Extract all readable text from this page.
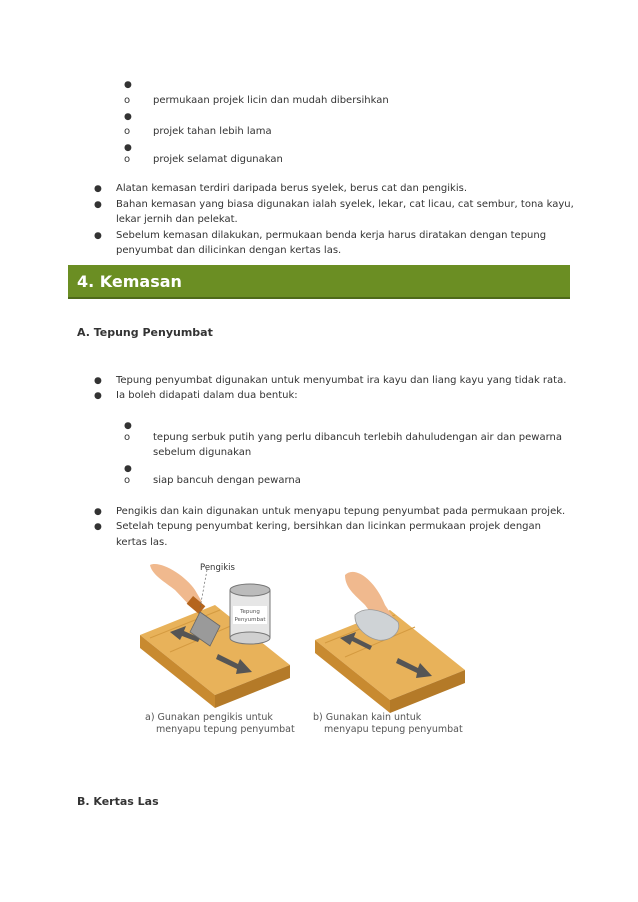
●
o permukaan projek licin dan mudah dibersihkan
●
o projek tahan lebih lama
●
o projek selamat digunakan
● Alatan kemasan terdiri daripada berus syelek, berus cat dan pengikis.
● Bahan kemasan yang biasa digunakan ialah syelek, lekar, cat licau, cat sembur, tona kayu,
lekar jernih dan pelekat.
● Sebelum kemasan dilakukan, permukaan benda kerja harus diratakan dengan tepung
penyumbat dan dilicinkan dengan kertas las.
4. Kemasan
A. Tepung Penyumbat
● Tepung penyumbat digunakan untuk menyumbat ira kayu dan liang kayu yang tidak rata.
● Ia boleh didapati dalam dua bentuk:
●
o tepung serbuk putih yang perlu dibancuh terlebih dahuludengan air dan pewarna
sebelum digunakan
●
o siap bancuh dengan pewarna
● Pengikis dan kain digunakan untuk menyapu tepung penyumbat pada permukaan projek.
● Setelah tepung penyumbat kering, bersihkan dan licinkan permukaan projek dengan
kertas las.
Tepung
Penyumbat
Pengikis
a) Gunakan pengikis untuk
menyapu tepung penyumbat
b) Gunakan kain untuk
menyapu tepung penyumbat
B. Kertas Las
